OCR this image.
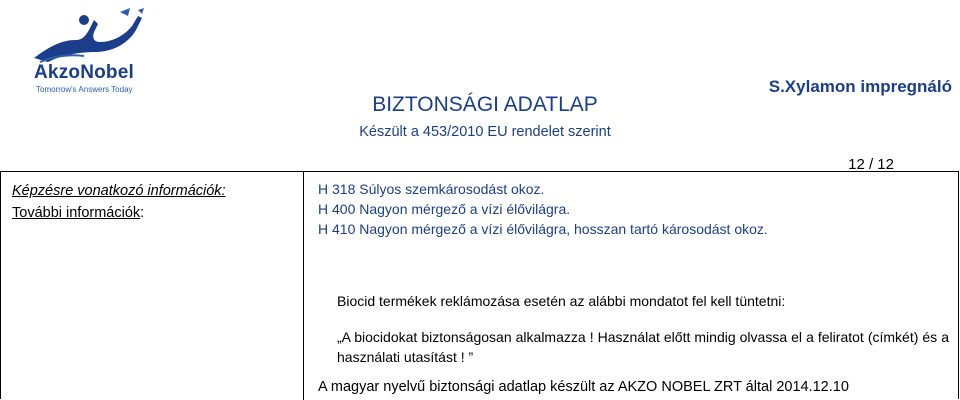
AkzoNobel
Tomorrow's Answers Today
BIZTONSÁGI ADATLAP
Készült a 453/2010 EU rendelet szerint
S.Xylamon impregnáló
12 / 12
Képzésre vonatkozó információk:
További információk:
H 318 Súlyos szemkárosodást okoz.
H 400 Nagyon mérgező a vízi élővilágra.
H 410 Nagyon mérgező a vízi élővilágra, hosszan tartó károsodást okoz.
Biocid termékek reklámozása esetén az alábbi mondatot fel kell tüntetni:
„A biocidokat biztonságosan alkalmazza ! Használat előtt mindig olvassa el a feliratot (címkét) és a használati utasítást ! ”
A magyar nyelvű biztonsági adatlap készült az AKZO NOBEL ZRT által 2014.12.10
